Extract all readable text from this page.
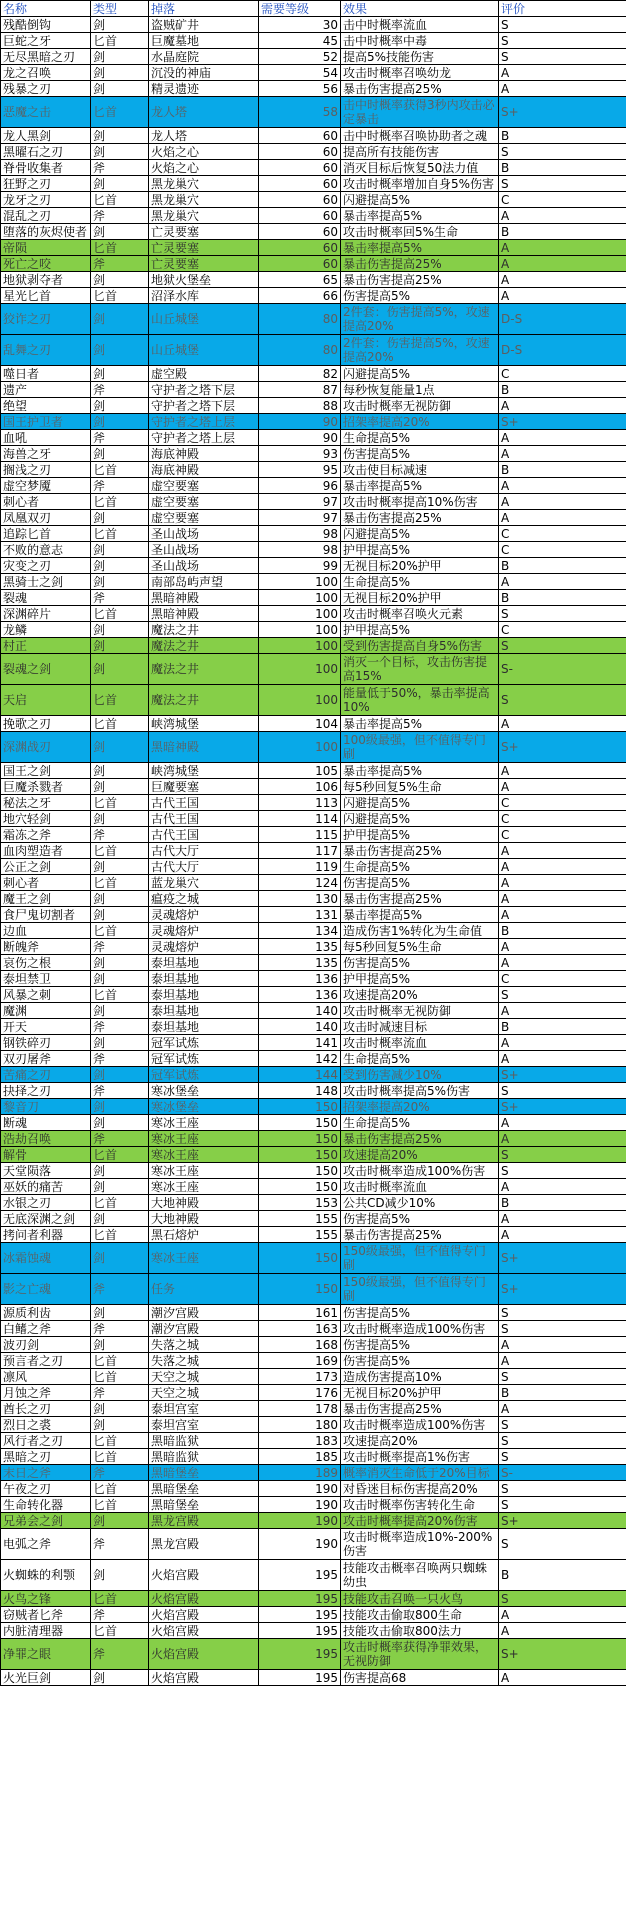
名称	类型	掉落	需要等级	效果	评价
残酷倒钩	剑	盗贼矿井	30	击中时概率流血	S
巨蛇之牙	匕首	巨魔墓地	45	击中时概率中毒	S
无尽黑暗之刃	剑	水晶庭院	52	提高5%技能伤害	S
龙之召唤	剑	沉没的神庙	54	攻击时概率召唤幼龙	A
残暴之刃	剑	精灵遗迹	56	暴击伤害提高25%	A
恶魔之击	匕首	龙人塔	58	击中时概率获得3秒内攻击必定暴击	S+
龙人黑剑	剑	龙人塔	60	击中时概率召唤协助者之魂	B
黑曜石之刃	剑	火焰之心	60	提高所有技能伤害	S
脊骨收集者	斧	火焰之心	60	消灭目标后恢复50法力值	B
狂野之刃	剑	黑龙巢穴	60	攻击时概率增加自身5%伤害	S
龙牙之刃	匕首	黑龙巢穴	60	闪避提高5%	C
混乱之刃	斧	黑龙巢穴	60	暴击率提高5%	A
堕落的灰烬使者	剑	亡灵要塞	60	攻击时概率回5%生命	B
帝陨	匕首	亡灵要塞	60	暴击率提高5%	A
死亡之咬	斧	亡灵要塞	60	暴击伤害提高25%	A
地狱剥夺者	剑	地狱火堡垒	65	暴击伤害提高25%	A
星光匕首	匕首	沼泽水库	66	伤害提高5%	A
狡诈之刃	剑	山丘城堡	80	2件套：伤害提高5%，攻速提高20%	D-S
乱舞之刃	剑	山丘城堡	80	2件套：伤害提高5%，攻速提高20%	D-S
噬日者	剑	虚空殿	82	闪避提高5%	C
遗产	斧	守护者之塔下层	87	每秒恢复能量1点	B
绝望	剑	守护者之塔下层	88	攻击时概率无视防御	A
国王护卫者	剑	守护者之塔上层	90	招架率提高20%	S+
血吼	斧	守护者之塔上层	90	生命提高5%	A
海兽之牙	剑	海底神殿	93	伤害提高5%	A
搁浅之刃	匕首	海底神殿	95	攻击使目标减速	B
虚空梦魇	斧	虚空要塞	96	暴击率提高5%	A
刺心者	匕首	虚空要塞	97	攻击时概率提高10%伤害	A
凤凰双刃	剑	虚空要塞	97	暴击伤害提高25%	A
追踪匕首	匕首	圣山战场	98	闪避提高5%	C
不败的意志	剑	圣山战场	98	护甲提高5%	C
灾变之刃	剑	圣山战场	99	无视目标20%护甲	B
黑骑士之剑	剑	南部岛屿声望	100	生命提高5%	A
裂魂	斧	黑暗神殿	100	无视目标20%护甲	B
深渊碎片	匕首	黑暗神殿	100	攻击时概率召唤火元素	S
龙鳞	剑	魔法之井	100	护甲提高5%	C
村正	剑	魔法之井	100	受到伤害提高自身5%伤害	S
裂魂之剑	剑	魔法之井	100	消灭一个目标，攻击伤害提高15%	S-
天启	匕首	魔法之井	100	能量低于50%，暴击率提高10%	S
挽歌之刃	匕首	峡湾城堡	104	暴击率提高5%	A
深渊战刃	剑	黑暗神殿	100	100级最强，但不值得专门刷	S+
国王之剑	剑	峡湾城堡	105	暴击率提高5%	A
巨魔杀戮者	剑	巨魔要塞	106	每5秒回复5%生命	A
秘法之牙	匕首	古代王国	113	闪避提高5%	C
地穴轻剑	剑	古代王国	114	闪避提高5%	C
霜冻之斧	斧	古代王国	115	护甲提高5%	C
血肉塑造者	匕首	古代大厅	117	暴击伤害提高25%	A
公正之剑	剑	古代大厅	119	生命提高5%	A
刺心者	匕首	蓝龙巢穴	124	伤害提高5%	A
魔王之剑	剑	瘟疫之城	130	暴击伤害提高25%	A
食尸鬼切割者	剑	灵魂熔炉	131	暴击率提高5%	A
边血	匕首	灵魂熔炉	134	造成伤害1%转化为生命值	B
断魄斧	斧	灵魂熔炉	135	每5秒回复5%生命	A
哀伤之根	剑	泰坦基地	135	伤害提高5%	A
泰坦禁卫	剑	泰坦基地	136	护甲提高5%	C
风暴之刺	匕首	泰坦基地	136	攻速提高20%	S
魔渊	剑	泰坦基地	140	攻击时概率无视防御	A
开天	斧	泰坦基地	140	攻击时减速目标	B
钢铁碎刃	剑	冠军试炼	141	攻击时概率流血	A
双刃屠斧	斧	冠军试炼	142	生命提高5%	A
苦痛之刃	剑	冠军试炼	144	受到伤害减少10%	S+
抉择之刃	斧	寒冰堡垒	148	攻击时概率提高5%伤害	S
黎音刀	剑	寒冰堡垒	150	招架率提高20%	S+
断魂	剑	寒冰王座	150	生命提高5%	A
浩劫召唤	斧	寒冰王座	150	暴击伤害提高25%	A
解骨	匕首	寒冰王座	150	攻速提高20%	S
天堂陨落	剑	寒冰王座	150	攻击时概率造成100%伤害	S
巫妖的痛苦	剑	寒冰王座	150	攻击时概率流血	A
水银之刃	匕首	大地神殿	153	公共CD减少10%	B
无底深渊之剑	剑	大地神殿	155	伤害提高5%	A
拷问者利器	匕首	黑石熔炉	155	暴击伤害提高25%	A
冰霜蚀魂	剑	寒冰王座	150	150级最强，但不值得专门刷	S+
影之亡魂	斧	任务	150	150级最强，但不值得专门刷	S+
源质利齿	剑	潮汐宫殿	161	伤害提高5%	S
白鳍之斧	斧	潮汐宫殿	163	攻击时概率造成100%伤害	S
波刃剑	剑	失落之城	168	伤害提高5%	A
预言者之刃	匕首	失落之城	169	伤害提高5%	A
凛风	匕首	天空之城	173	造成伤害提高10%	S
月蚀之斧	斧	天空之城	176	无视目标20%护甲	B
酋长之刃	剑	泰坦宫室	178	暴击伤害提高25%	A
烈日之裘	剑	泰坦宫室	180	攻击时概率造成100%伤害	S
风行者之刃	匕首	黑暗监狱	183	攻速提高20%	S
黑暗之刃	匕首	黑暗监狱	185	攻击时概率提高1%伤害	S
末日之斧	斧	黑暗堡垒	189	概率消灭生命低于20%目标	S-
午夜之刃	匕首	黑暗堡垒	190	对昏迷目标伤害提高20%	S
生命转化器	匕首	黑暗堡垒	190	攻击时概率伤害转化生命	S
兄弟会之剑	剑	黑龙宫殿	190	攻击时概率提高20%伤害	S+
电弧之斧	斧	黑龙宫殿	190	攻击时概率造成10%-200%伤害	S
火蜘蛛的利颚	剑	火焰宫殿	195	技能攻击概率召唤两只蜘蛛幼虫	B
火鸟之锋	匕首	火焰宫殿	195	技能攻击召唤一只火鸟	S
窃贼者匕斧	斧	火焰宫殿	195	技能攻击偷取800生命	A
内脏清理器	匕首	火焰宫殿	195	技能攻击偷取800法力	A
净罪之眼	斧	火焰宫殿	195	攻击时概率获得净罪效果，无视防御	S+
火光巨剑	剑	火焰宫殿	195	伤害提高68	A
